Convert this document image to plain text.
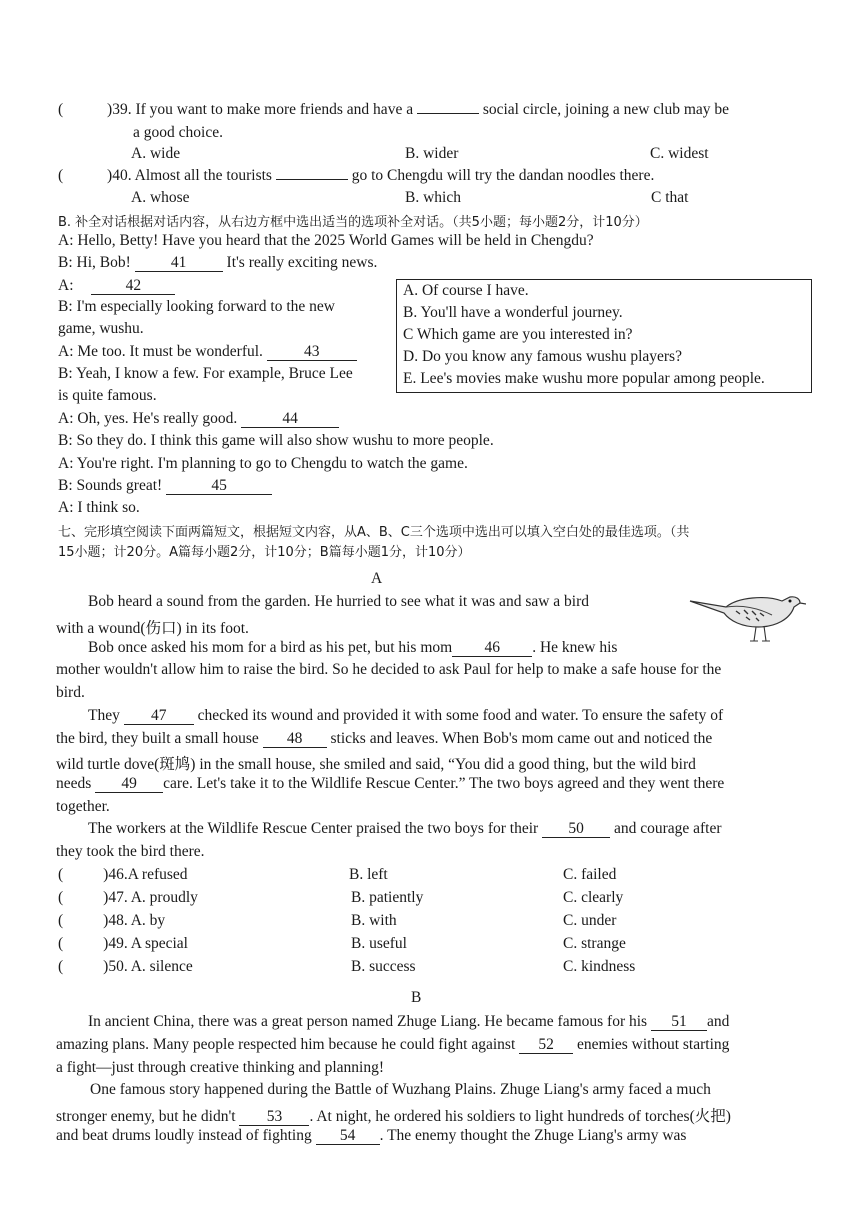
(	)39. If you want to make more friends and have a	social circle, joining a new club may be
a good choice.
A. wide	B. wider	C. widest
(	)40. Almost all the tourists	go to Chengdu will try the dandan noodles there.
A. whose	B. which	C that
B. 补全对话根据对话内容，从右边方框中选出适当的选项补全对话。（共5小题；每小题2分，计10分）
A: Hello, Betty! Have you heard that the 2025 World Games will be held in Chengdu?
B: Hi, Bob!	41	It's really exciting news.
A:	42
B: I'm especially looking forward to the new
game, wushu.
A: Me too. It must be wonderful.	43
B: Yeah, I know a few. For example, Bruce Lee
is quite famous.
A: Oh, yes. He's really good.	44
B: So they do. I think this game will also show wushu to more people.
A: You're right. I'm planning to go to Chengdu to watch the game.
B: Sounds great!	45
A: I think so.
A. Of course I have.
B. You'll have a wonderful journey.
C Which game are you interested in?
D. Do you know any famous wushu players?
E. Lee's movies make wushu more popular among people.
七、完形填空阅读下面两篇短文，根据短文内容，从A、B、C三个选项中选出可以填入空白处的最佳选项。（共
15小题；计20分。A篇每小题2分，计10分；B篇每小题1分，计10分）
A
Bob heard a sound from the garden. He hurried to see what it was and saw a bird
with a wound(伤口) in its foot.
Bob once asked his mom for a bird as his pet, but his mom 46 . He knew his
mother wouldn't allow him to raise the bird. So he decided to ask Paul for help to make a safe house for the
bird.
They 47 checked its wound and provided it with some food and water. To ensure the safety of
the bird, they built a small house 48 sticks and leaves. When Bob's mom came out and noticed the
wild turtle dove(斑鸠) in the small house, she smiled and said, “You did a good thing, but the wild bird
needs 49 care. Let's take it to the Wildlife Rescue Center.” The two boys agreed and they went there
together.
The workers at the Wildlife Rescue Center praised the two boys for their 50 and courage after
they took the bird there.
(	)46.A refused	B. left	C. failed
(	)47. A. proudly	B. patiently	C. clearly
(	)48. A. by	B. with	C. under
(	)49. A special	B. useful	C. strange
(	)50. A. silence	B. success	C. kindness
B
In ancient China, there was a great person named Zhuge Liang. He became famous for his 51 and
amazing plans. Many people respected him because he could fight against 52 enemies without starting
a fight—just through creative thinking and planning!
One famous story happened during the Battle of Wuzhang Plains. Zhuge Liang's army faced a much
stronger enemy, but he didn't 53 . At night, he ordered his soldiers to light hundreds of torches(火把)
and beat drums loudly instead of fighting 54 . The enemy thought the Zhuge Liang's army was
